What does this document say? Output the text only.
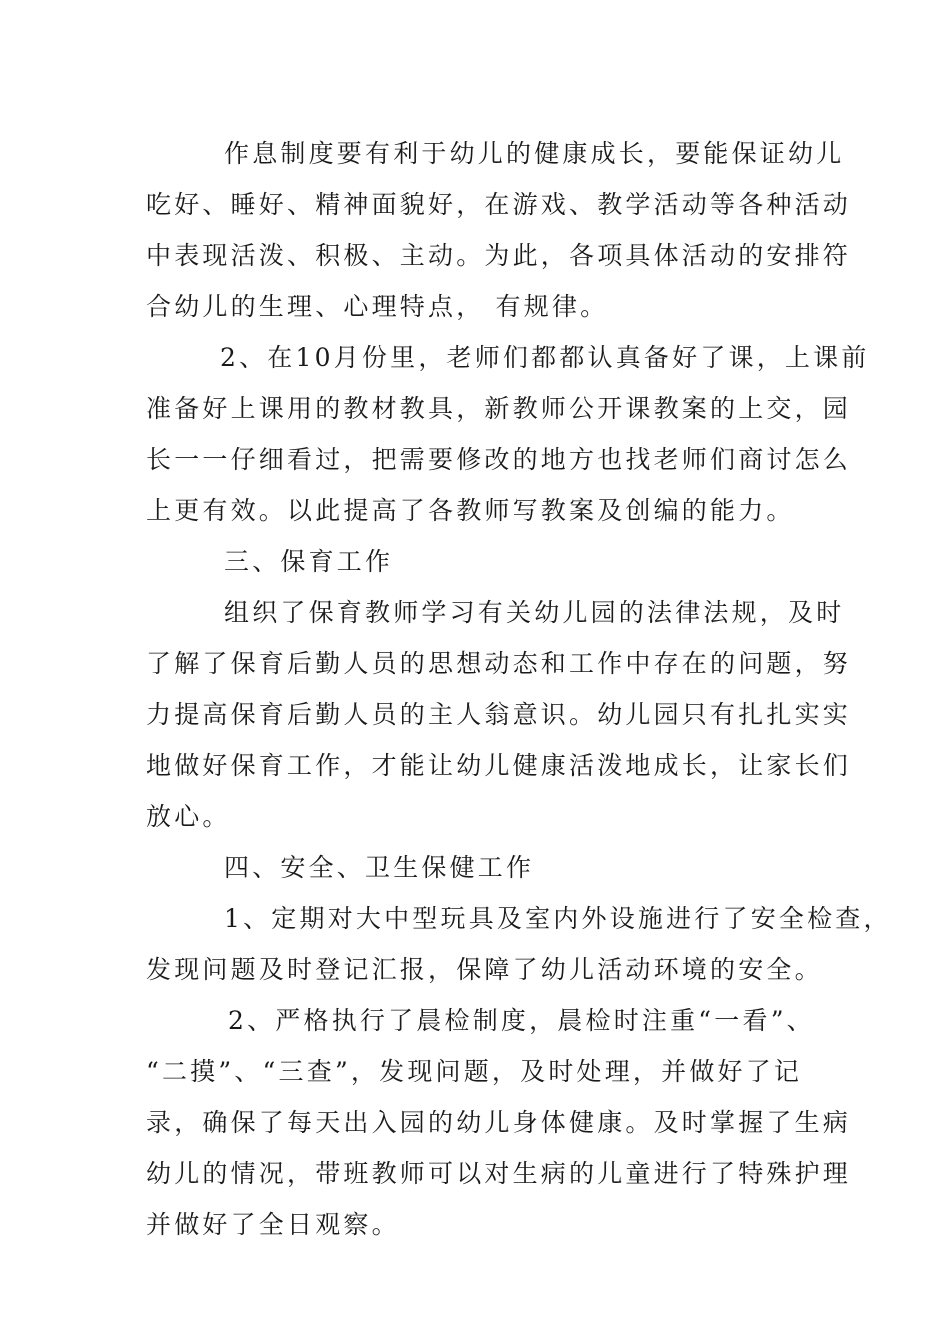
作息制度要有利于幼儿的健康成长，要能保证幼儿
吃好、睡好、精神面貌好，在游戏、教学活动等各种活动
中表现活泼、积极、主动。为此，各项具体活动的安排符
合幼儿的生理、心理特点， 有规律。
2、在10月份里，老师们都都认真备好了课，上课前
准备好上课用的教材教具，新教师公开课教案的上交，园
长一一仔细看过，把需要修改的地方也找老师们商讨怎么
上更有效。以此提高了各教师写教案及创编的能力。
三、保育工作
组织了保育教师学习有关幼儿园的法律法规，及时
了解了保育后勤人员的思想动态和工作中存在的问题，努
力提高保育后勤人员的主人翁意识。幼儿园只有扎扎实实
地做好保育工作，才能让幼儿健康活泼地成长，让家长们
放心。
四、安全、卫生保健工作
1、定期对大中型玩具及室内外设施进行了安全检查，
发现问题及时登记汇报，保障了幼儿活动环境的安全。
2、严格执行了晨检制度，晨检时注重“一看”、
“二摸”、“三查”，发现问题，及时处理，并做好了记
录，确保了每天出入园的幼儿身体健康。及时掌握了生病
幼儿的情况，带班教师可以对生病的儿童进行了特殊护理
并做好了全日观察。
